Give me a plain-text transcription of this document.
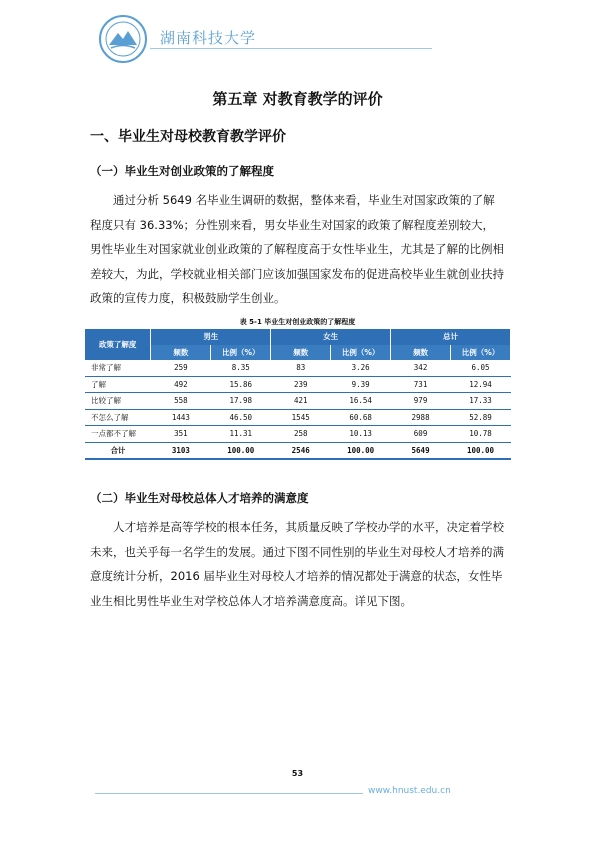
湖南科技大学
第五章 对教育教学的评价
一、毕业生对母校教育教学评价
（一）毕业生对创业政策的了解程度

通过分析 5649 名毕业生调研的数据，整体来看，毕业生对国家政策的了解程度只有 36.33%；分性别来看，男女毕业生对国家的政策了解程度差别较大，男性毕业生对国家就业创业政策的了解程度高于女性毕业生，尤其是了解的比例相差较大，为此，学校就业相关部门应该加强国家发布的促进高校毕业生就创业扶持政策的宣传力度，积极鼓励学生创业。

表 5-1 毕业生对创业政策的了解程度
政策了解度	男生		女生		总计	
	频数	比例（%）	频数	比例（%）	频数	比例（%）
非常了解	259	8.35	83	3.26	342	6.05
了解	492	15.86	239	9.39	731	12.94
比较了解	558	17.98	421	16.54	979	17.33
不怎么了解	1443	46.50	1545	60.68	2988	52.89
一点都不了解	351	11.31	258	10.13	609	10.78
合计	3103	100.00	2546	100.00	5649	100.00
（二）毕业生对母校总体人才培养的满意度

人才培养是高等学校的根本任务，其质量反映了学校办学的水平，决定着学校未来，也关乎每一名学生的发展。通过下图不同性别的毕业生对母校人才培养的满意度统计分析，2016 届毕业生对母校人才培养的情况都处于满意的状态，女性毕业生相比男性毕业生对学校总体人才培养满意度高。详见下图。

53
www.hnust.edu.cn
